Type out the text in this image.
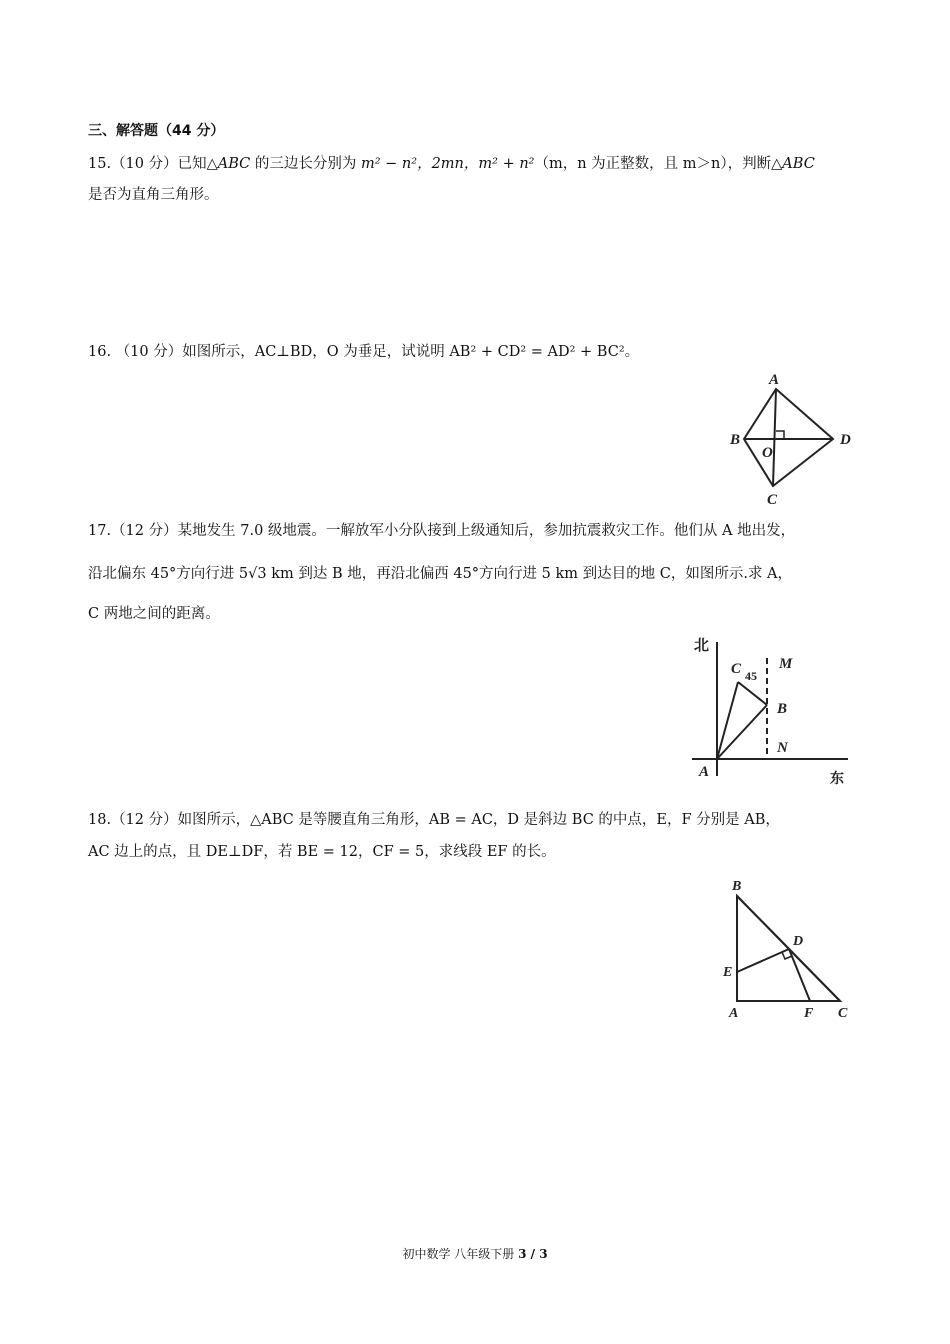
三、解答题（44 分）
15.（10 分）已知△ABC 的三边长分别为 m² − n²，2mn，m² + n²（m，n 为正整数，且 m＞n），判断△ABC
是否为直角三角形。
16. （10 分）如图所示，AC⊥BD，O 为垂足，试说明 AB² + CD² = AD² + BC²。
A
B
O
D
C
17.（12 分）某地发生 7.0 级地震。一解放军小分队接到上级通知后，参加抗震救灾工作。他们从 A 地出发，
沿北偏东 45°方向行进 5√3 km 到达 B 地，再沿北偏西 45°方向行进 5 km 到达目的地 C，如图所示.求 A，
C 两地之间的距离。
北
东
C 45
M
B
N
A
18.（12 分）如图所示，△ABC 是等腰直角三角形，AB = AC，D 是斜边 BC 的中点，E，F 分别是 AB，
AC 边上的点，且 DE⊥DF，若 BE = 12，CF = 5，求线段 EF 的长。
B
D
E
A	F C
初中数学 八年级下册 3 / 3
